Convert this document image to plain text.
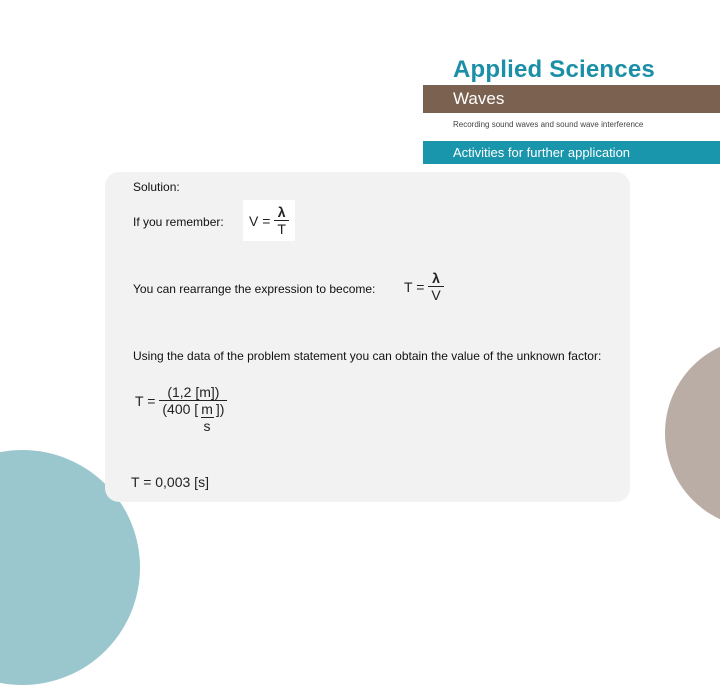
Applied Sciences
Waves
Recording sound waves and sound wave interference
Activities for further application
Solution:
If you remember: $V = \frac{\lambda}{T}$
You can rearrange the expression to become: $T = \frac{\lambda}{V}$
Using the data of the problem statement you can obtain the value of the unknown factor:
$T = \frac{(1,2 [m])}{(400 [ \frac{m}{s} ])}$
T = 0,003 [s]
